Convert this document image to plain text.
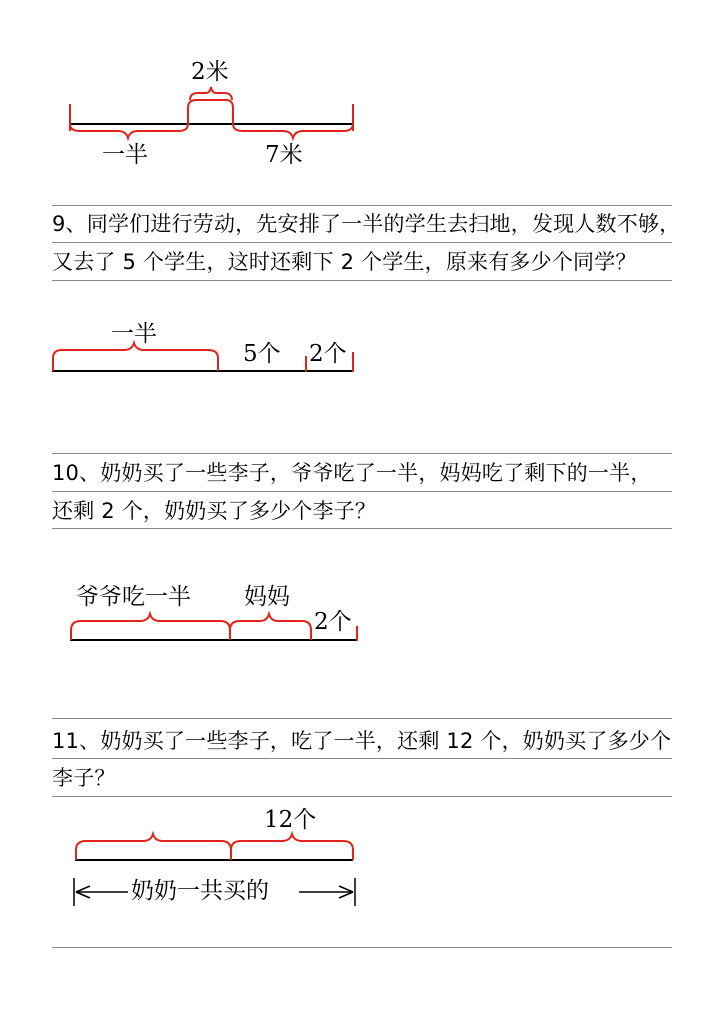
2米
一半	7米
9、同学们进行劳动，先安排了一半的学生去扫地，发现人数不够，
又去了 5 个学生，这时还剩下 2 个学生，原来有多少个同学？
一半
5个 2个
10、奶奶买了一些李子，爷爷吃了一半，妈妈吃了剩下的一半，
还剩 2 个，奶奶买了多少个李子？
爷爷吃一半 妈妈
2个
11、奶奶买了一些李子，吃了一半，还剩 12 个，奶奶买了多少个
李子？
12个
奶奶一共买的
